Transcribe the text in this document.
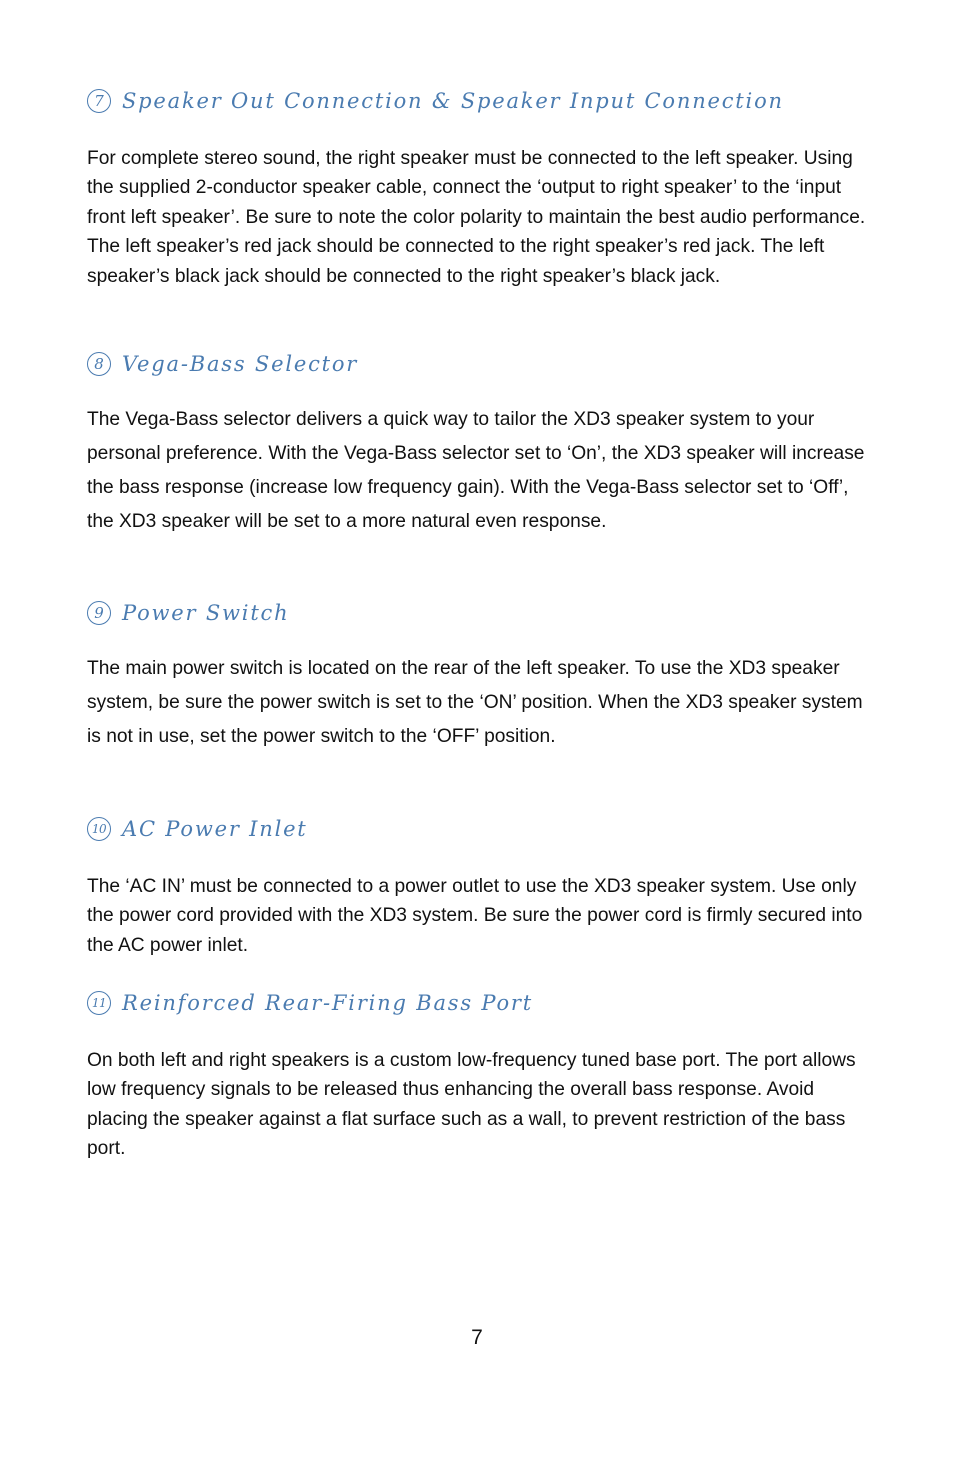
7 Speaker Out Connection & Speaker Input Connection

For complete stereo sound, the right speaker must be connected to the left speaker. Using the supplied 2-conductor speaker cable, connect the ‘output to right speaker’ to the ‘input front left speaker’. Be sure to note the color polarity to maintain the best audio performance. The left speaker’s red jack should be connected to the right speaker’s red jack. The left speaker’s black jack should be connected to the right speaker’s black jack.

8 Vega-Bass Selector

The Vega-Bass selector delivers a quick way to tailor the XD3 speaker system to your personal preference. With the Vega-Bass selector set to ‘On’, the XD3 speaker will increase the bass response (increase low frequency gain). With the Vega-Bass selector set to ‘Off’, the XD3 speaker will be set to a more natural even response.

9 Power Switch

The main power switch is located on the rear of the left speaker. To use the XD3 speaker system, be sure the power switch is set to the ‘ON’ position. When the XD3 speaker system is not in use, set the power switch to the ‘OFF’ position.

10 AC Power Inlet

The ‘AC IN’ must be connected to a power outlet to use the XD3 speaker system. Use only the power cord provided with the XD3 system. Be sure the power cord is firmly secured into the AC power inlet.

11 Reinforced Rear-Firing Bass Port

On both left and right speakers is a custom low-frequency tuned base port. The port allows low frequency signals to be released thus enhancing the overall bass response. Avoid placing the speaker against a flat surface such as a wall, to prevent restriction of the bass port.

7
